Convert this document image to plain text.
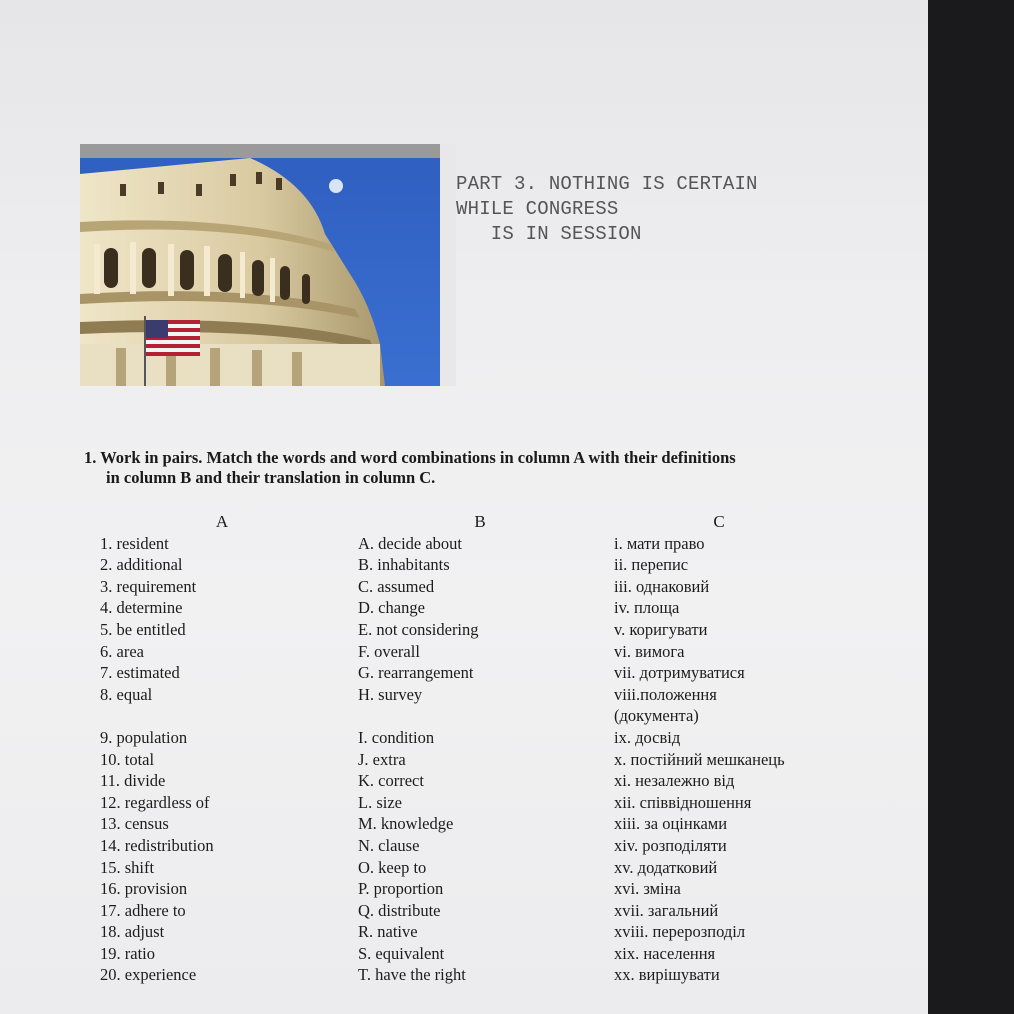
PART 3. NOTHING IS CERTAIN
WHILE CONGRESS
IS IN SESSION
1. Work in pairs. Match the words and word combinations in column A with their definitions
in column B and their translation in column C.
A
1. resident
2. additional
3. requirement
4. determine
5. be entitled
6. area
7. estimated
8. equal
9. population
10. total
11. divide
12. regardless of
13. census
14. redistribution
15. shift
16. provision
17. adhere to
18. adjust
19. ratio
20. experience
B
A. decide about
B. inhabitants
C. assumed
D. change
E. not considering
F. overall
G. rearrangement
H. survey
I. condition
J. extra
K. correct
L. size
M. knowledge
N. clause
O. keep to
P. proportion
Q. distribute
R. native
S. equivalent
T. have the right
C
i. мати право
ii. перепис
iii. однаковий
iv. площа
v. коригувати
vi. вимога
vii. дотримуватися
viii.положення
(документа)
ix. досвід
x. постійний мешканець
xi. незалежно від
xii. співвідношення
xiii. за оцінками
xiv. розподіляти
xv. додатковий
xvi. зміна
xvii. загальний
xviii. перерозподіл
xix. населення
xx. вирішувати
